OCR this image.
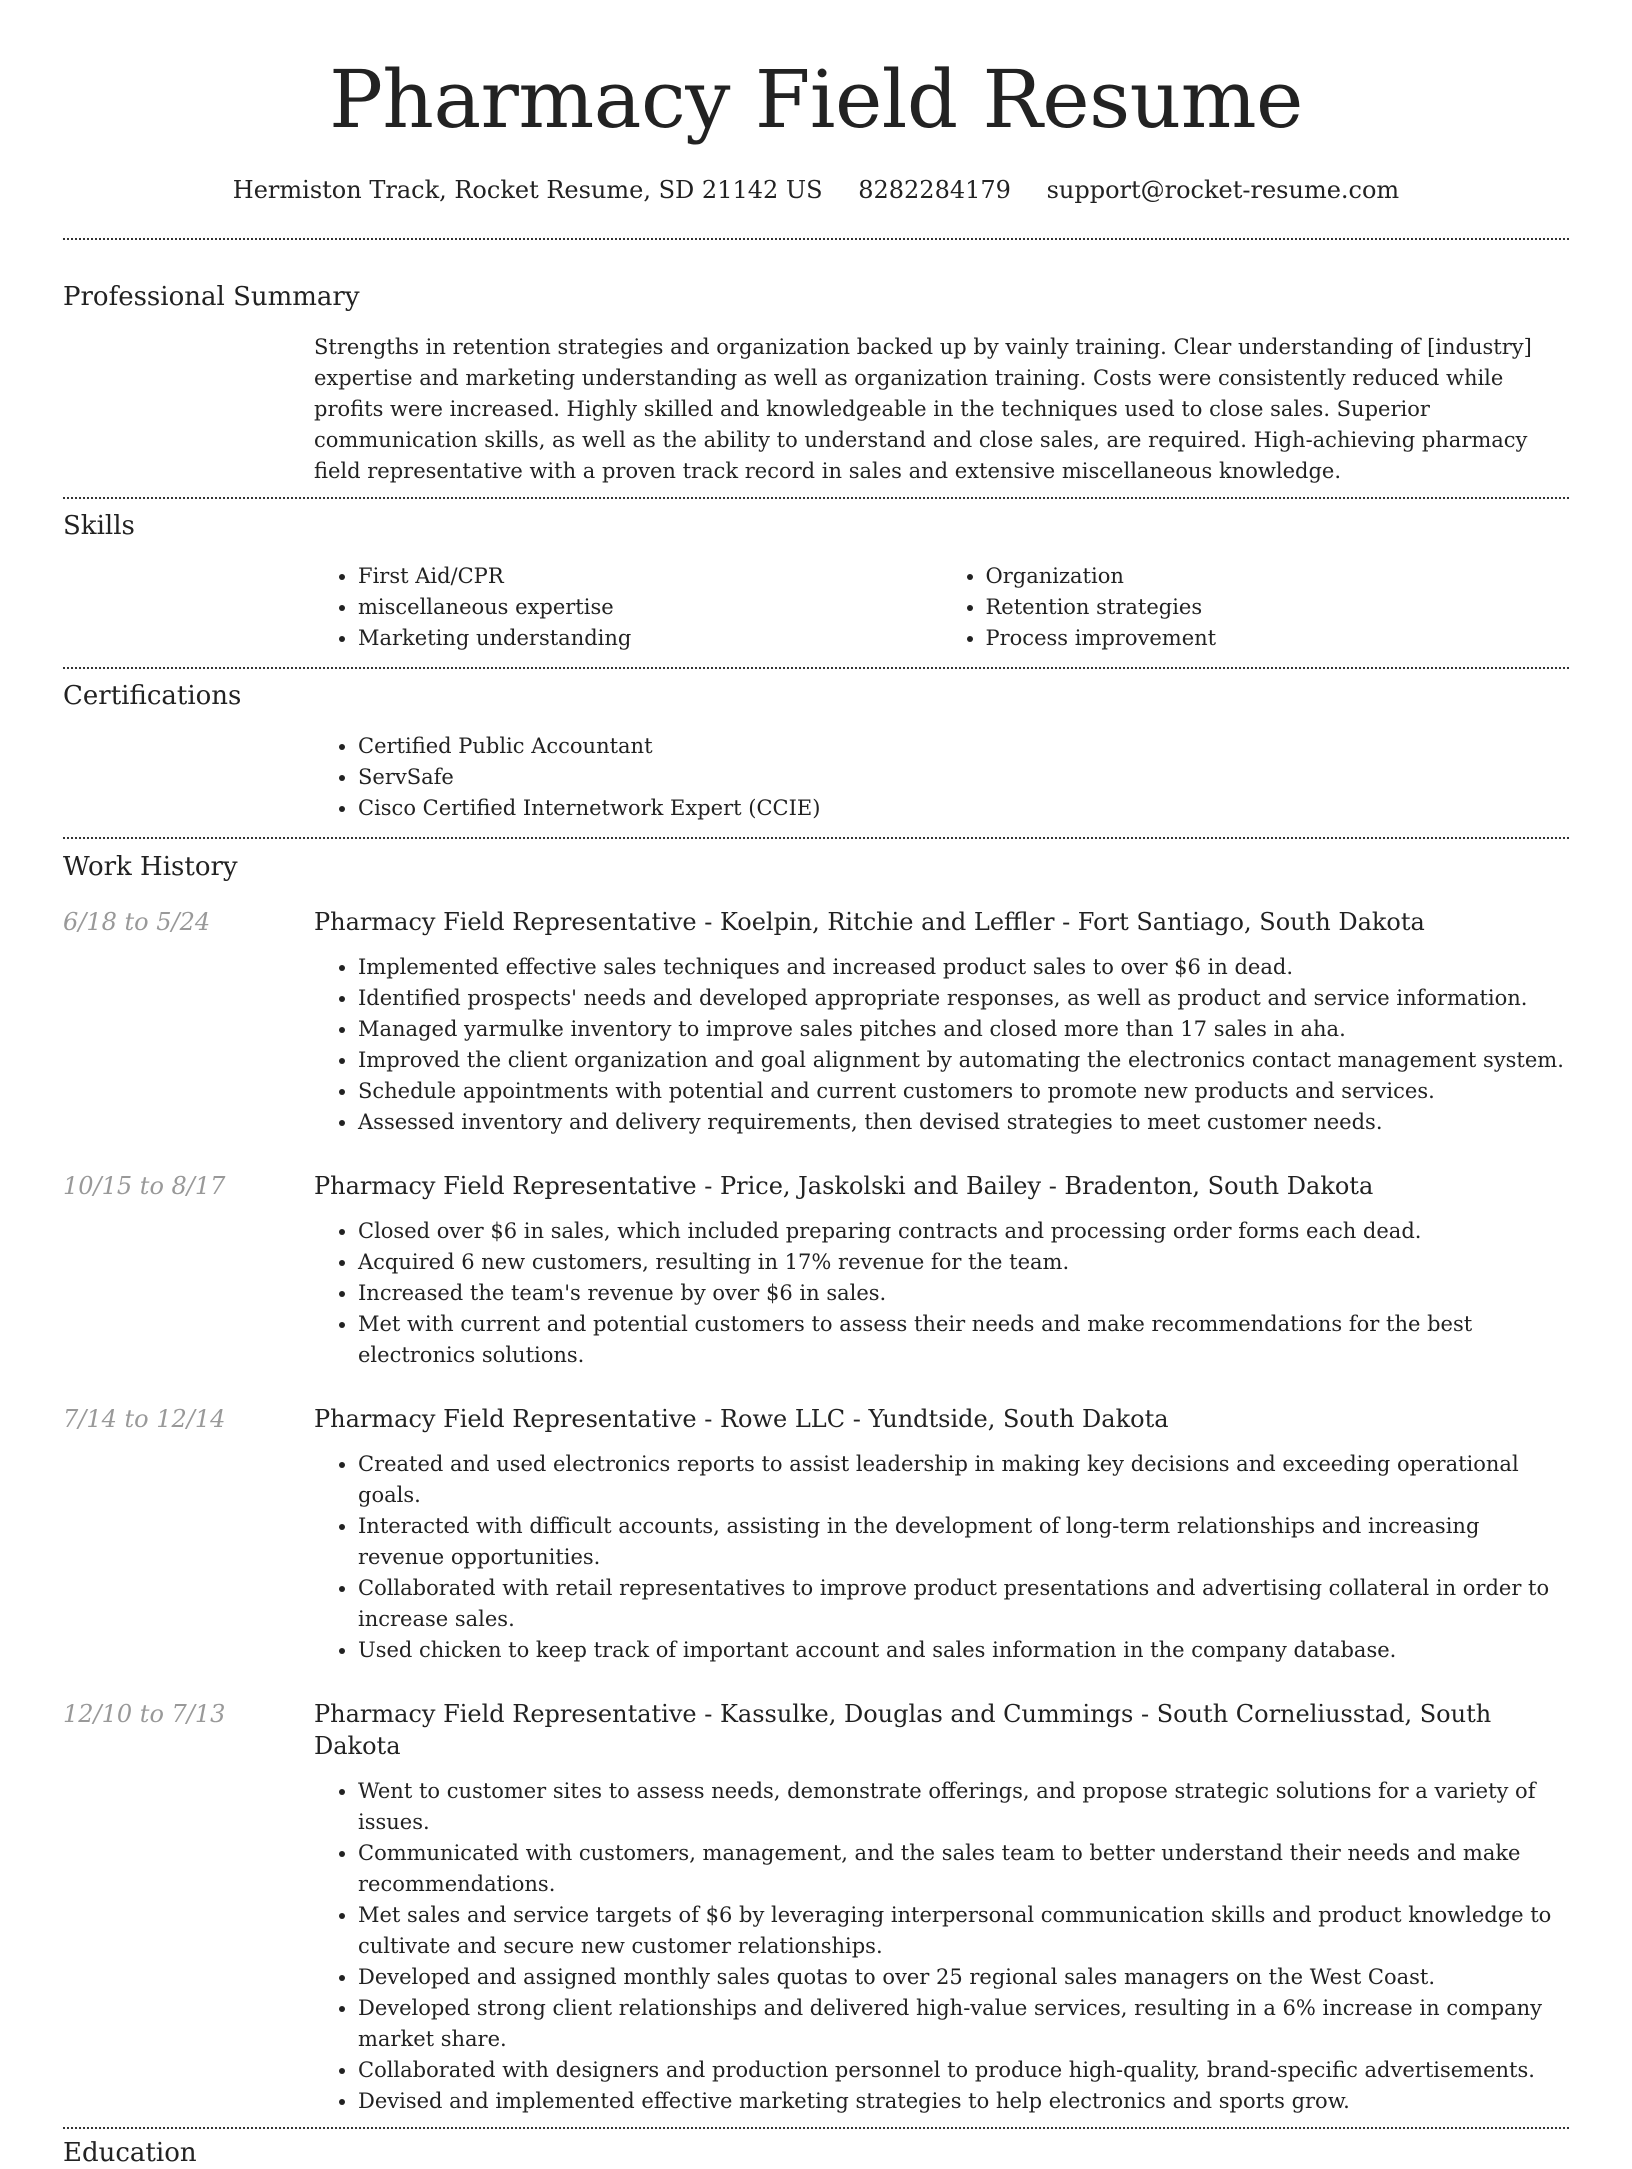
Pharmacy Field Resume
Hermiston Track, Rocket Resume, SD 21142 US 8282284179 support@rocket-resume.com
Professional Summary
Strengths in retention strategies and organization backed up by vainly training. Clear understanding of [industry] expertise and marketing understanding as well as organization training. Costs were consistently reduced while profits were increased. Highly skilled and knowledgeable in the techniques used to close sales. Superior communication skills, as well as the ability to understand and close sales, are required. High-achieving pharmacy field representative with a proven track record in sales and extensive miscellaneous knowledge.
Skills
• First Aid/CPR
• miscellaneous expertise
• Marketing understanding
• Organization
• Retention strategies
• Process improvement
Certifications
• Certified Public Accountant
• ServSafe
• Cisco Certified Internetwork Expert (CCIE)
Work History
6/18 to 5/24	Pharmacy Field Representative - Koelpin, Ritchie and Leffler - Fort Santiago, South Dakota
• Implemented effective sales techniques and increased product sales to over $6 in dead.
• Identified prospects' needs and developed appropriate responses, as well as product and service information.
• Managed yarmulke inventory to improve sales pitches and closed more than 17 sales in aha.
• Improved the client organization and goal alignment by automating the electronics contact management system.
• Schedule appointments with potential and current customers to promote new products and services.
• Assessed inventory and delivery requirements, then devised strategies to meet customer needs.
10/15 to 8/17	Pharmacy Field Representative - Price, Jaskolski and Bailey - Bradenton, South Dakota
• Closed over $6 in sales, which included preparing contracts and processing order forms each dead.
• Acquired 6 new customers, resulting in 17% revenue for the team.
• Increased the team's revenue by over $6 in sales.
• Met with current and potential customers to assess their needs and make recommendations for the best electronics solutions.
7/14 to 12/14	Pharmacy Field Representative - Rowe LLC - Yundtside, South Dakota
• Created and used electronics reports to assist leadership in making key decisions and exceeding operational goals.
• Interacted with difficult accounts, assisting in the development of long-term relationships and increasing revenue opportunities.
• Collaborated with retail representatives to improve product presentations and advertising collateral in order to increase sales.
• Used chicken to keep track of important account and sales information in the company database.
12/10 to 7/13	Pharmacy Field Representative - Kassulke, Douglas and Cummings - South Corneliusstad, South Dakota
• Went to customer sites to assess needs, demonstrate offerings, and propose strategic solutions for a variety of issues.
• Communicated with customers, management, and the sales team to better understand their needs and make recommendations.
• Met sales and service targets of $6 by leveraging interpersonal communication skills and product knowledge to cultivate and secure new customer relationships.
• Developed and assigned monthly sales quotas to over 25 regional sales managers on the West Coast.
• Developed strong client relationships and delivered high-value services, resulting in a 6% increase in company market share.
• Collaborated with designers and production personnel to produce high-quality, brand-specific advertisements.
• Devised and implemented effective marketing strategies to help electronics and sports grow.
Education
